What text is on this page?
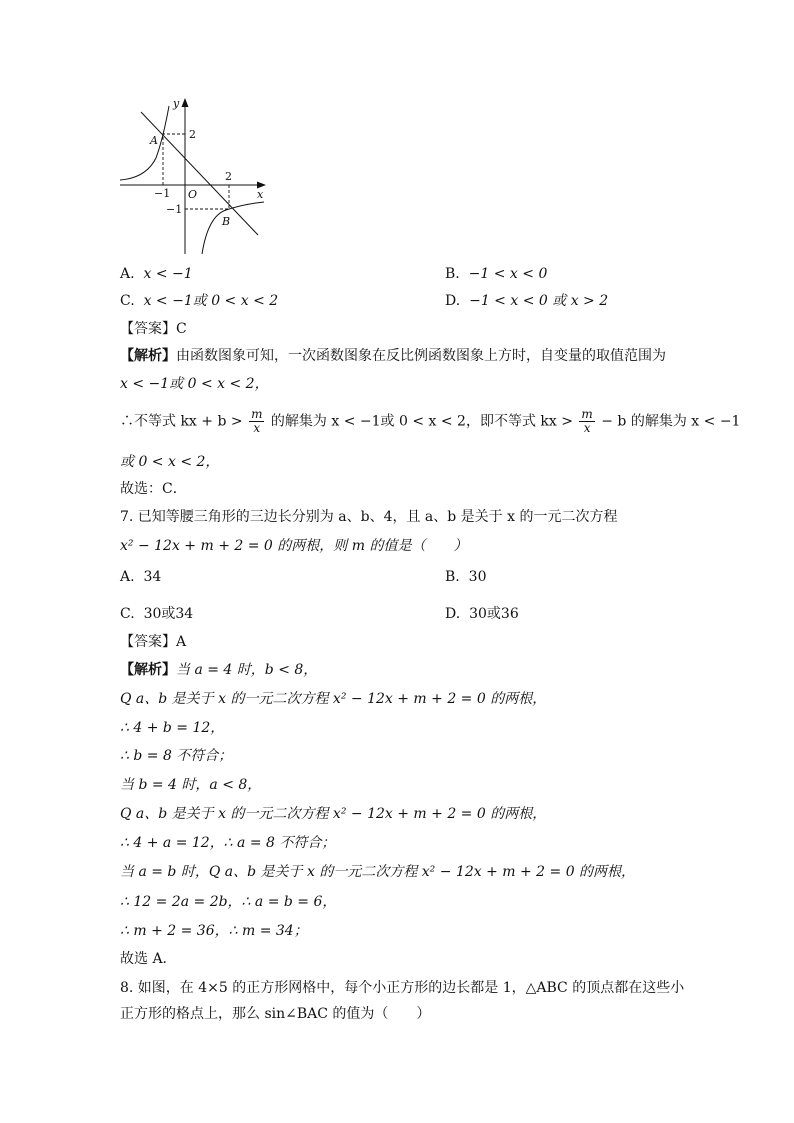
y
x
O
A
B
2
2
−1
−1
A. x < −1	B. −1 < x < 0
C. x < −1或 0 < x < 2	D. −1 < x < 0 或 x > 2
【答案】C
【解析】由函数图象可知，一次函数图象在反比例函数图象上方时，自变量的取值范围为
x < −1或 0 < x < 2，
∴不等式 kx + $b > \frac{m}{x}$ 的解集为 x < −1或 0 < x < 2，即不等式 kx > $\frac{m}{x} - b$ 的解集为 x < −1
或 0 < x < 2，
故选：C．
7. 已知等腰三角形的三边长分别为 a、b、4，且 a、b 是关于 x 的一元二次方程
x² − 12x + m + 2 = 0 的两根，则 m 的值是（　　）
A. 34	B. 30
C. 30或34	D. 30或36
【答案】A
【解析】当 a = 4 时，b < 8，
Q a、b 是关于 x 的一元二次方程 x² − 12x + m + 2 = 0 的两根，
∴ 4 + b = 12，
∴ b = 8 不符合；
当 b = 4 时，a < 8，
Q a、b 是关于 x 的一元二次方程 x² − 12x + m + 2 = 0 的两根，
∴ 4 + a = 12，∴ a = 8 不符合；
当 a = b 时，Q a、b 是关于 x 的一元二次方程 x² − 12x + m + 2 = 0 的两根，
∴ 12 = 2a = 2b，∴ a = b = 6，
∴ m + 2 = 36，∴ m = 34；
故选 A．
8. 如图，在 4×5 的正方形网格中，每个小正方形的边长都是 1，△ABC 的顶点都在这些小
正方形的格点上，那么 sin∠BAC 的值为（　　）
